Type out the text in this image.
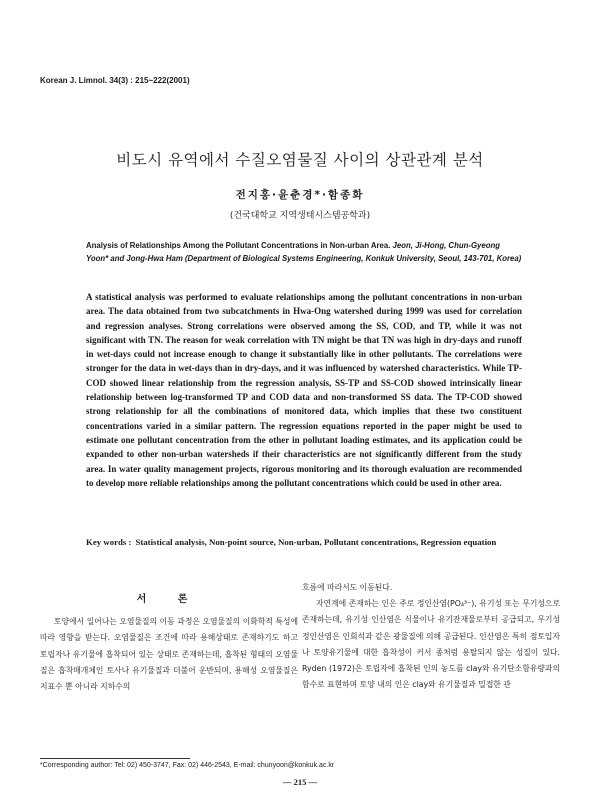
Korean J. Limnol. 34(3) : 215~222(2001)
비도시 유역에서 수질오염물질 사이의 상관관계 분석
전지홍·윤춘경*·함종화
(건국대학교 지역생태시스템공학과)
Analysis of Relationships Among the Pollutant Concentrations in Non-urban Area. Jeon, Ji-Hong, Chun-Gyeong Yoon* and Jong-Hwa Ham (Department of Biological Systems Engineering, Konkuk University, Seoul, 143-701, Korea)
A statistical analysis was performed to evaluate relationships among the pollutant concentrations in non-urban area. The data obtained from two subcatchments in Hwa-Ong watershed during 1999 was used for correlation and regression analyses. Strong correlations were observed among the SS, COD, and TP, while it was not significant with TN. The reason for weak correlation with TN might be that TN was high in dry-days and runoff in wet-days could not increase enough to change it substantially like in other pollutants. The correlations were stronger for the data in wet-days than in dry-days, and it was influenced by watershed characteristics. While TP-COD showed linear relationship from the regression analysis, SS-TP and SS-COD showed intrinsically linear relationship between log-transformed TP and COD data and non-transformed SS data. The TP-COD showed strong relationship for all the combinations of monitored data, which implies that these two constituent concentrations varied in a similar pattern. The regression equations reported in the paper might be used to estimate one pollutant concentration from the other in pollutant loading estimates, and its application could be expanded to other non-urban watersheds if their characteristics are not significantly different from the study area. In water quality management projects, rigorous monitoring and its thorough evaluation are recommended to develop more reliable relationships among the pollutant concentrations which could be used in other area.
Key words : Statistical analysis, Non-point source, Non-urban, Pollutant concentrations, Regression equation
서 론

토양에서 일어나는 오염물질의 이동 과정은 오염물질의 이화학적 특성에 따라 영향을 받는다. 오염물질은 조건에 따라 용해상태로 존재하기도 하고 토립자나 유기물에 흡착되어 있는 상태로 존재하는데, 흡착된 형태의 오염물질은 흡착매개체인 토사나 유기물질과 더불어 운반되며, 용해성 오염물질은 지표수 뿐 아니라 지하수의

흐름에 따라서도 이동된다.

자연계에 존재하는 인은 주로 정인산염(PO₄³⁻), 유기성 또는 무기성으로 존재하는데, 유기성 인산염은 식물이나 유기잔재물로부터 공급되고, 무기성 정인산염은 인회석과 같은 광물질에 의해 공급된다. 인산염은 특히 점토입자나 토양유기물에 대한 흡착성이 커서 종처럼 용탈되지 않는 성질이 있다. Ryden (1972)은 토립자에 흡착된 인의 농도를 clay와 유기탄소함유량과의 함수로 표현하며 토양 내의 인은 clay와 유기물질과 밀접한 관

*Corresponding author: Tel: 02) 450-3747, Fax: 02) 446-2543, E-mail: chunyoon@konkuk.ac.kr
— 215 —
